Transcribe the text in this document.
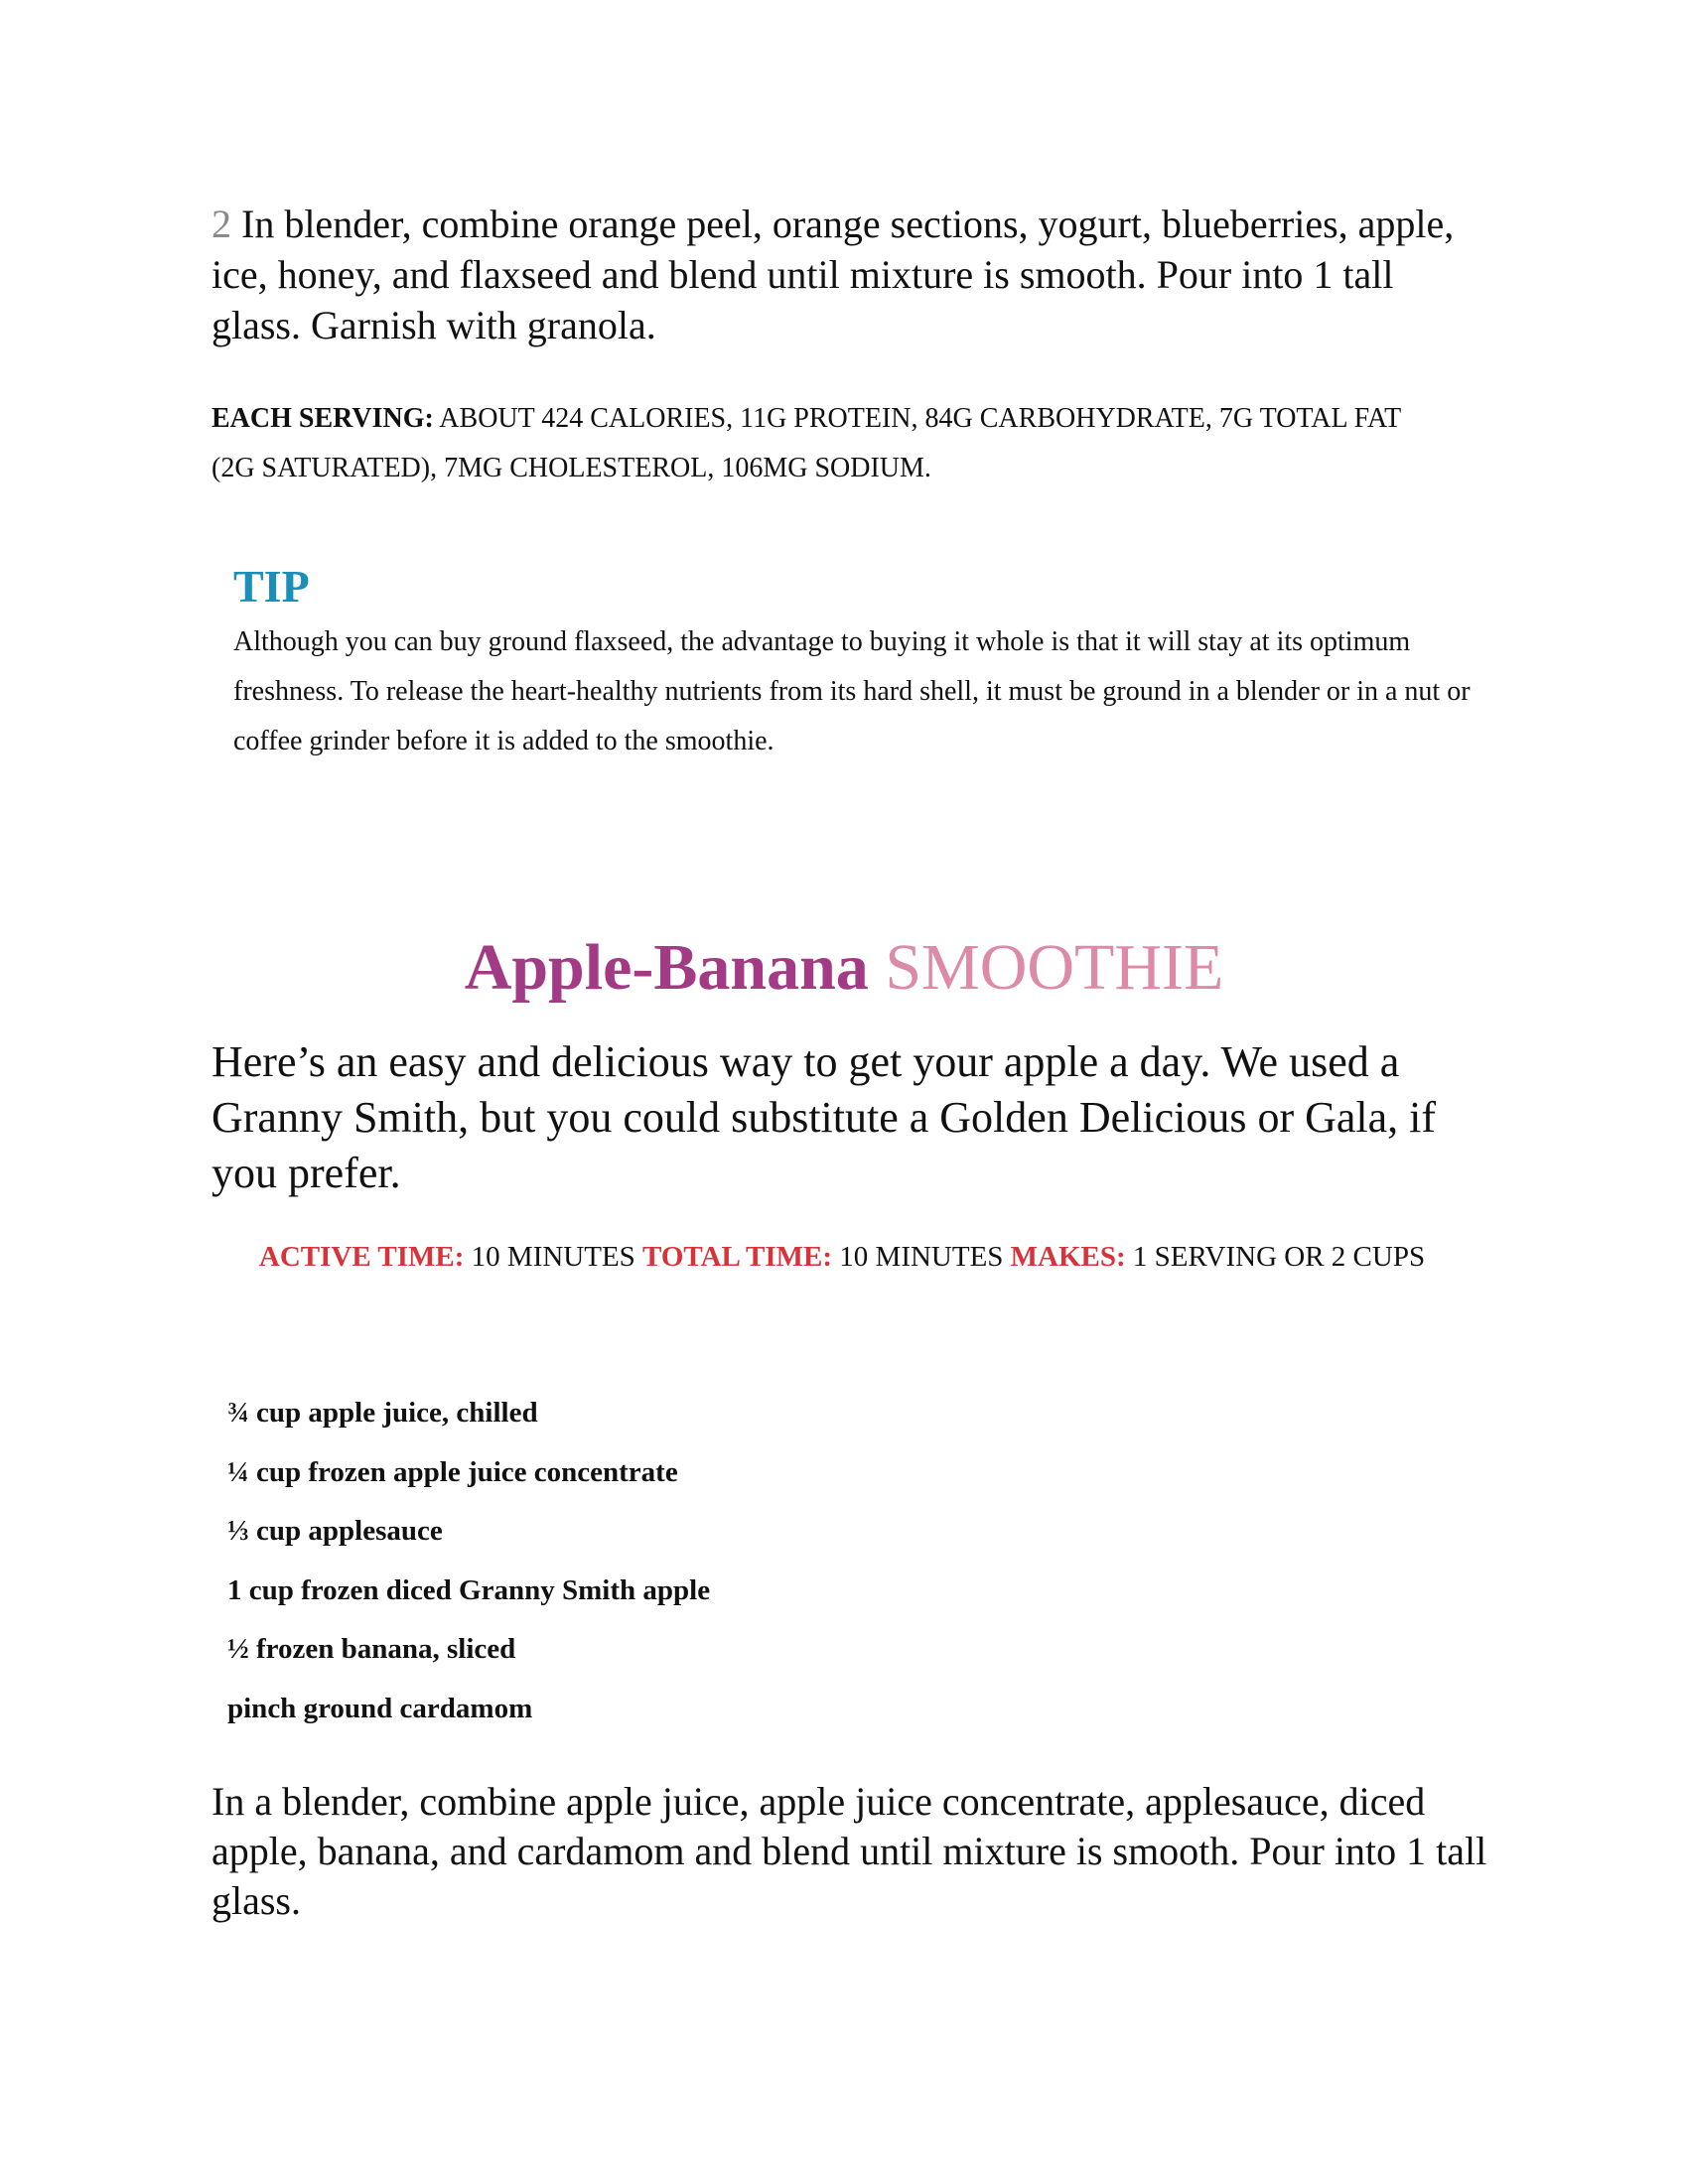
2 In blender, combine orange peel, orange sections, yogurt, blueberries, apple, ice, honey, and flaxseed and blend until mixture is smooth. Pour into 1 tall glass. Garnish with granola.

EACH SERVING: ABOUT 424 CALORIES, 11G PROTEIN, 84G CARBOHYDRATE, 7G TOTAL FAT (2G SATURATED), 7MG CHOLESTEROL, 106MG SODIUM.

TIP

Although you can buy ground flaxseed, the advantage to buying it whole is that it will stay at its optimum freshness. To release the heart-healthy nutrients from its hard shell, it must be ground in a blender or in a nut or coffee grinder before it is added to the smoothie.

Apple-Banana SMOOTHIE

Here’s an easy and delicious way to get your apple a day. We used a Granny Smith, but you could substitute a Golden Delicious or Gala, if you prefer.

ACTIVE TIME: 10 MINUTES TOTAL TIME: 10 MINUTES MAKES: 1 SERVING OR 2 CUPS

¾ cup apple juice, chilled
¼ cup frozen apple juice concentrate
⅓ cup applesauce
1 cup frozen diced Granny Smith apple
½ frozen banana, sliced
pinch ground cardamom

In a blender, combine apple juice, apple juice concentrate, applesauce, diced apple, banana, and cardamom and blend until mixture is smooth. Pour into 1 tall glass.
